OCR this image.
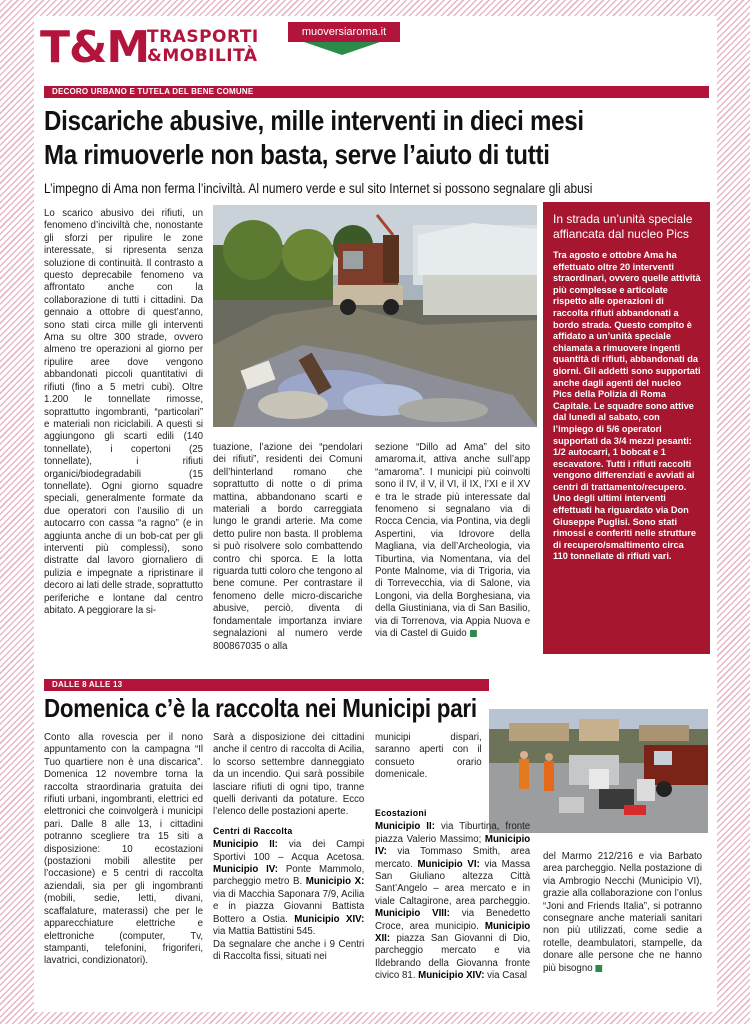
T&M
TRASPORTI
&MOBILITÀ
muoversiaroma.it
DECORO URBANO E TUTELA DEL BENE COMUNE
Discariche abusive, mille interventi in dieci mesi
Ma rimuoverle non basta, serve l’aiuto di tutti
L’impegno di Ama non ferma l’inciviltà. Al numero verde e sul sito Internet si possono segnalare gli abusi
Lo scarico abusivo dei rifiuti, un fenomeno d’inciviltà che, nonostante gli sforzi per ripulire le zone interessate, si ripresenta senza soluzione di continuità. Il contrasto a questo deprecabile fenomeno va affrontato anche con la collaborazione di tutti i cittadini. Da gennaio a ottobre di quest’anno, sono stati circa mille gli interventi Ama su oltre 300 strade, ovvero almeno tre operazioni al giorno per ripulire aree dove vengono abbandonati piccoli quantitativi di rifiuti (fino a 5 metri cubi). Oltre 1.200 le tonnellate rimosse, soprattutto ingombranti, “particolari” e materiali non riciclabili. A questi si aggiungono gli scarti edili (140 tonnellate), i copertoni (25 tonnellate), i rifiuti organici/biodegradabili (15 tonnellate). Ogni giorno squadre speciali, generalmente formate da due operatori con l’ausilio di un autocarro con cassa “a ragno” (e in aggiunta anche di un bob-cat per gli interventi più complessi), sono distratte dal lavoro giornaliero di pulizia e impegnate a ripristinare il decoro ai lati delle strade, soprattutto periferiche e lontane dal centro abitato. A peggiorare la si-
tuazione, l’azione dei “pendolari dei rifiuti”, residenti dei Comuni dell’hinterland romano che soprattutto di notte o di prima mattina, abbandonano scarti e materiali a bordo carreggiata lungo le grandi arterie. Ma come detto pulire non basta. Il problema si può risolvere solo combattendo contro chi sporca. E la lotta riguarda tutti coloro che tengono al bene comune. Per contrastare il fenomeno delle micro-discariche abusive, perciò, diventa di fondamentale importanza inviare segnalazioni al numero verde 800867035 o alla
sezione “Dillo ad Ama” del sito amaroma.it, attiva anche sull’app “amaroma”. I municipi più coinvolti sono il IV, il V, il VI, il IX, l’XI e il XV e tra le strade più interessate dal fenomeno si segnalano via di Rocca Cencia, via Pontina, via degli Aspertini, via Idrovore della Magliana, via dell’Archeologia, via Tiburtina, via Nomentana, via del Ponte Malnome, via di Trigoria, via di Torrevecchia, via di Salone, via Longoni, via della Borghesiana, via della Giustiniana, via di San Basilio, via di Torrenova, via Appia Nuova e via di Castel di Guido
In strada un’unità speciale affiancata dal nucleo Pics

Tra agosto e ottobre Ama ha effettuato oltre 20 interventi straordinari, ovvero quelle attività più complesse e articolate rispetto alle operazioni di raccolta rifiuti abbandonati a bordo strada. Questo compito è affidato a un’unità speciale chiamata a rimuovere ingenti quantità di rifiuti, abbandonati da giorni. Gli addetti sono supportati anche dagli agenti del nucleo Pics della Polizia di Roma Capitale. Le squadre sono attive dal lunedì al sabato, con l’impiego di 5/6 operatori supportati da 3/4 mezzi pesanti: 1/2 autocarri, 1 bobcat e 1 escavatore. Tutti i rifiuti raccolti vengono differenziati e avviati ai centri di trattamento/recupero. Uno degli ultimi interventi effettuati ha riguardato via Don Giuseppe Puglisi. Sono stati rimossi e conferiti nelle strutture di recupero/smaltimento circa 110 tonnellate di rifiuti vari.

DALLE 8 ALLE 13
Domenica c’è la raccolta nei Municipi pari
Conto alla rovescia per il nono appuntamento con la campagna “Il Tuo quartiere non è una discarica”. Domenica 12 novembre torna la raccolta straordinaria gratuita dei rifiuti urbani, ingombranti, elettrici ed elettronici che coinvolgerà i municipi pari. Dalle 8 alle 13, i cittadini potranno scegliere tra 15 siti a disposizione: 10 ecostazioni (postazioni mobili allestite per l’occasione) e 5 centri di raccolta aziendali, sia per gli ingombranti (mobili, sedie, letti, divani, scaffalature, materassi) che per le apparecchiature elettriche e elettroniche (computer, Tv, stampanti, telefonini, frigoriferi, lavatrici, condizionatori).

Sarà a disposizione dei cittadini anche il centro di raccolta di Acilia, lo scorso settembre danneggiato da un incendio. Qui sarà possibile lasciare rifiuti di ogni tipo, tranne quelli derivanti da potature. Ecco l’elenco delle postazioni aperte.

Centri di Raccolta

Municipio II: via dei Campi Sportivi 100 – Acqua Acetosa. Municipio IV: Ponte Mammolo, parcheggio metro B. Municipio X: via di Macchia Saponara 7/9, Acilia e in piazza Giovanni Battista Bottero a Ostia. Municipio XIV: via Mattia Battistini 545.

Da segnalare che anche i 9 Centri di Raccolta fissi, situati nei

municipi dispari, saranno aperti con il consueto orario domenicale.

Ecostazioni

Municipio II: via Tiburtina, fronte piazza Valerio Massimo; Municipio IV: via Tommaso Smith, area mercato. Municipio VI: via Massa San Giuliano altezza Città Sant’Angelo – area mercato e in viale Caltagirone, area parcheggio. Municipio VIII: via Benedetto Croce, area municipio. Municipio XII: piazza San Giovanni di Dio, parcheggio mercato e via Ildebrando della Giovanna fronte civico 81. Municipio XIV: via Casal

del Marmo 212/216 e via Barbato area parcheggio. Nella postazione di via Ambrogio Necchi (Municipio VI), grazie alla collaborazione con l’onlus “Joni and Friends Italia”, si potranno consegnare anche materiali sanitari non più utilizzati, come sedie a rotelle, deambulatori, stampelle, da donare alle persone che ne hanno più bisogno
